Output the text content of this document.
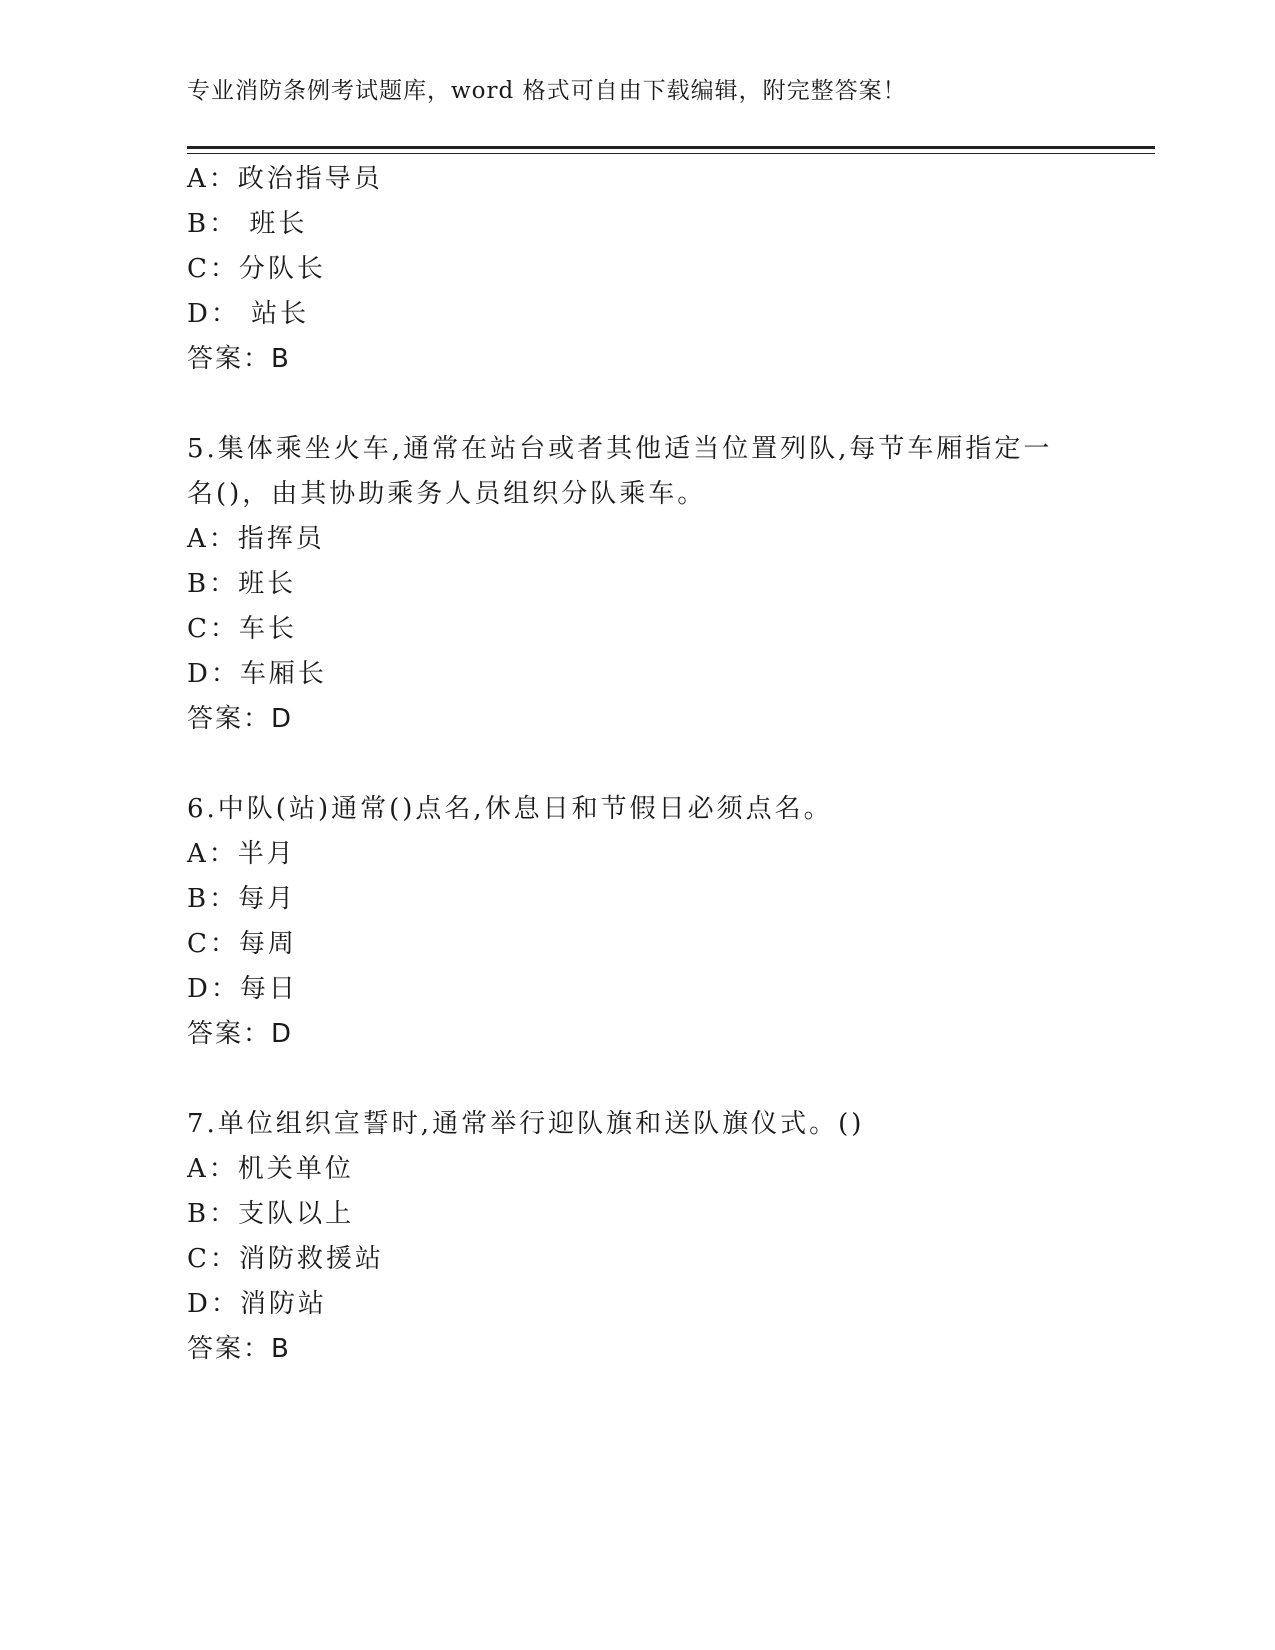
专业消防条例考试题库，word 格式可自由下载编辑，附完整答案！
A：政治指导员
B： 班长
C：分队长
D： 站长
答案：B
5.集体乘坐火车,通常在站台或者其他适当位置列队,每节车厢指定一
名()，由其协助乘务人员组织分队乘车。
A：指挥员
B：班长
C：车长
D：车厢长
答案：D
6.中队(站)通常()点名,休息日和节假日必须点名。
A：半月
B：每月
C：每周
D：每日
答案：D
7.单位组织宣誓时,通常举行迎队旗和送队旗仪式。()
A：机关单位
B：支队以上
C：消防救援站
D：消防站
答案：B
